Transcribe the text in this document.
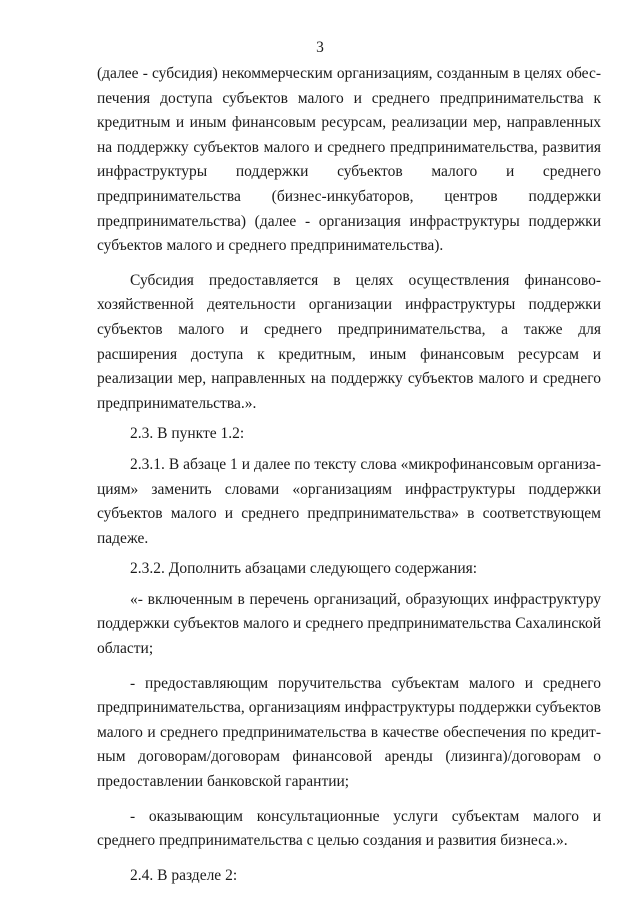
3

(далее - субсидия) некоммерческим организациям, созданным в целях обеспечения доступа субъектов малого и среднего предпринимательства к кредитным и иным финансовым ресурсам, реализации мер, направленных на поддержку субъектов малого и среднего предпринимательства, развития инфраструктуры поддержки субъектов малого и среднего предпринимательства (бизнес-инкубаторов, центров поддержки предпринимательства) (далее - организация инфраструктуры поддержки субъектов малого и среднего предпринимательства).

Субсидия предоставляется в целях осуществления финансово-хозяйственной деятельности организации инфраструктуры поддержки субъектов малого и среднего предпринимательства, а также для расширения доступа к кредитным, иным финансовым ресурсам и реализации мер, направленных на поддержку субъектов малого и среднего предпринимательства.».

2.3. В пункте 1.2:

2.3.1. В абзаце 1 и далее по тексту слова «микрофинансовым организациям» заменить словами «организациям инфраструктуры поддержки субъектов малого и среднего предпринимательства» в соответствующем падеже.

2.3.2. Дополнить абзацами следующего содержания:

«- включенным в перечень организаций, образующих инфраструктуру поддержки субъектов малого и среднего предпринимательства Сахалинской области;

- предоставляющим поручительства субъектам малого и среднего предпринимательства, организациям инфраструктуры поддержки субъектов малого и среднего предпринимательства в качестве обеспечения по кредитным договорам/договорам финансовой аренды (лизинга)/договорам о предоставлении банковской гарантии;

- оказывающим консультационные услуги субъектам малого и среднего предпринимательства с целью создания и развития бизнеса.».

2.4. В разделе 2:
